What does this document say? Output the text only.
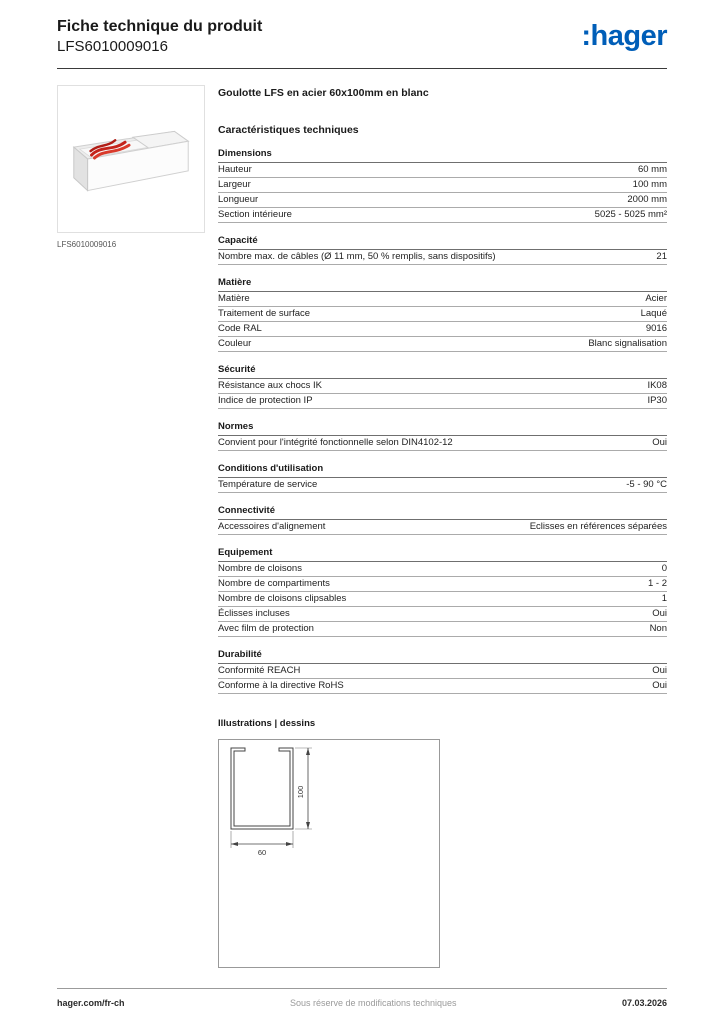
Fiche technique du produit
LFS6010009016	:hager
LFS6010009016
Goulotte LFS en acier 60x100mm en blanc
Caractéristiques techniques
Dimensions
Hauteur	60 mm
Largeur	100 mm
Longueur	2000 mm
Section intérieure	5025 - 5025 mm²
Capacité
Nombre max. de câbles (Ø 11 mm, 50 % remplis, sans dispositifs)	21
Matière
Matière	Acier
Traitement de surface	Laqué
Code RAL	9016
Couleur	Blanc signalisation
Sécurité
Résistance aux chocs IK	IK08
Indice de protection IP	IP30
Normes
Convient pour l'intégrité fonctionnelle selon DIN4102-12	Oui
Conditions d'utilisation
Température de service	-5 - 90 °C
Connectivité
Accessoires d'alignement	Eclisses en références séparées
Equipement
Nombre de cloisons	0
Nombre de compartiments	1 - 2
Nombre de cloisons clipsables	1
Éclisses incluses	Oui
Avec film de protection	Non
Durabilité
Conformité REACH	Oui
Conforme à la directive RoHS	Oui
Illustrations | dessins
100
60
hager.com/fr-ch	Sous réserve de modifications techniques	07.03.2026
